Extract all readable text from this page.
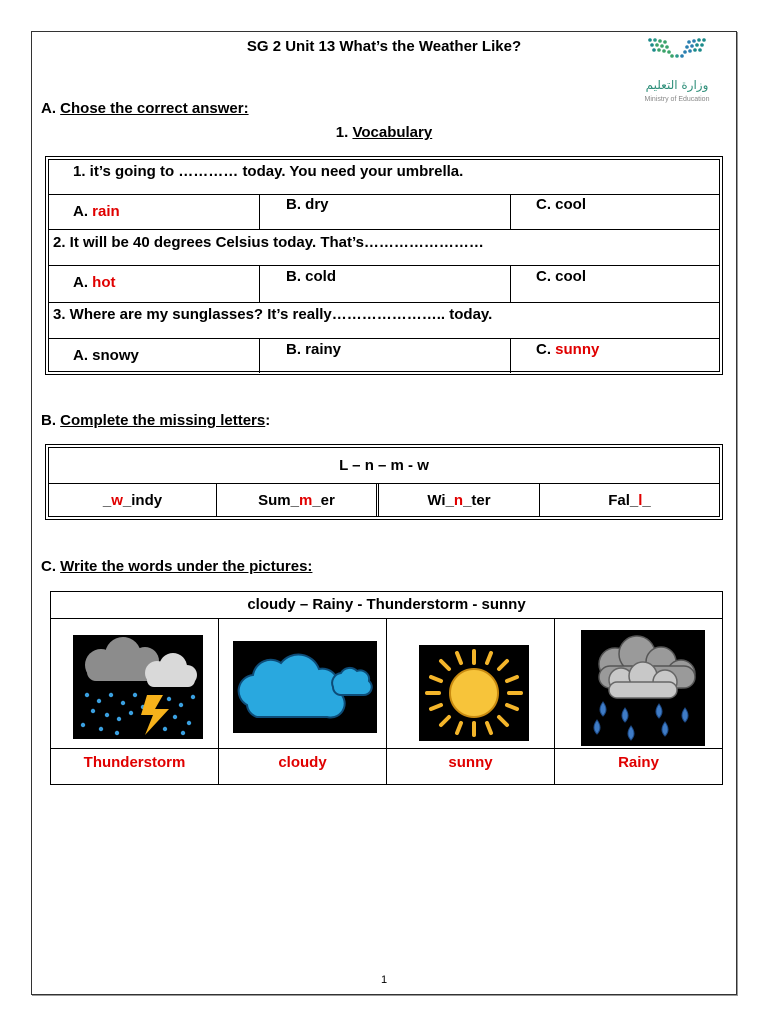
SG 2 Unit 13 What’s the Weather Like?
وزارة التعليم
Ministry of Education
A. Chose the correct answer:
1. Vocabulary
1. it’s going to ………… today. You need your umbrella.
A. rain	B. dry	C. cool
2. It will be 40 degrees Celsius today. That’s……………………
A. hot	B. cold	C. cool
3. Where are my sunglasses? It’s really………………….. today.
A. snowy	B. rainy	C. sunny
B. Complete the missing letters:
L – n – m - w
_w_indy	Sum_m_er	Wi_n_ter	Fal_l_
C. Write the words under the pictures:
cloudy – Rainy - Thunderstorm - sunny
Thunderstorm	cloudy	sunny	Rainy
1
